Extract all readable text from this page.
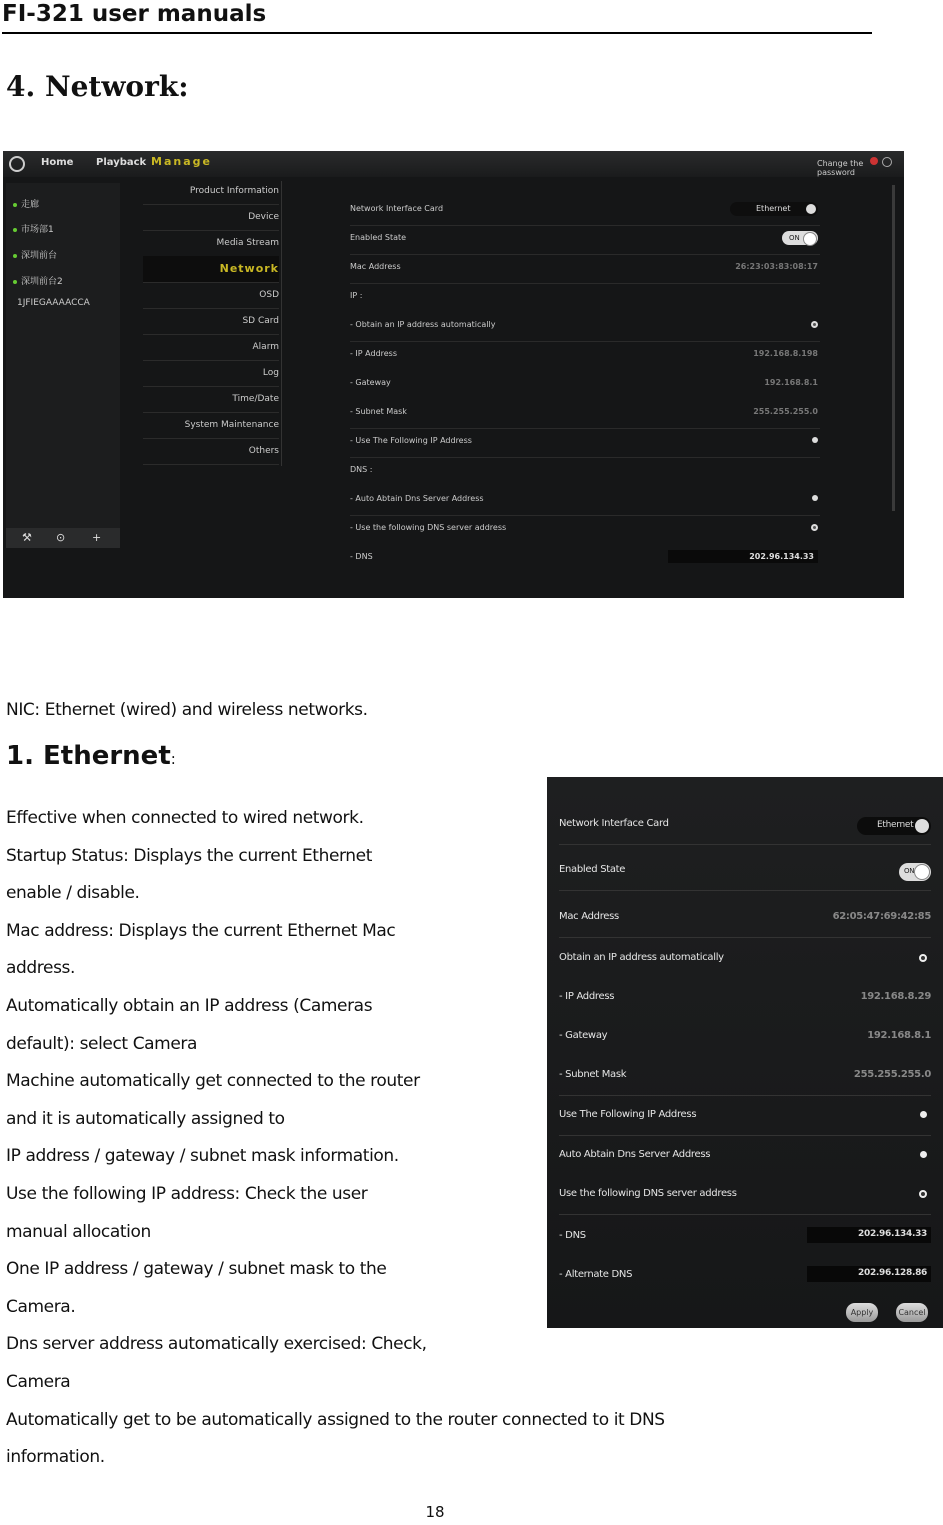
FI-321 user manuals
4. Network:
Home Playback Manage	Change the password
走廊
市场部1
深圳前台
深圳前台2
1JFIEGAAAACCA
⚒ ⊙ +
Product Information
Device
Media Stream
Network
OSD
SD Card
Alarm
Log
Time/Date
System Maintenance
Others
Network Interface Card	Ethernet
Enabled State	ON
Mac Address	26:23:03:83:08:17
IP :
- Obtain an IP address automatically
- IP Address	192.168.8.198
- Gateway	192.168.8.1
- Subnet Mask	255.255.255.0
- Use The Following IP Address
DNS :
- Auto Abtain Dns Server Address
- Use the following DNS server address
- DNS	202.96.134.33
NIC: Ethernet (wired) and wireless networks.
1. Ethernet:
Effective when connected to wired network.
Startup Status: Displays the current Ethernet
enable / disable.
Mac address: Displays the current Ethernet Mac
address.
Automatically obtain an IP address (Cameras
default): select Camera
Machine automatically get connected to the router
and it is automatically assigned to
IP address / gateway / subnet mask information.
Use the following IP address: Check the user
manual allocation
One IP address / gateway / subnet mask to the
Camera.
Dns server address automatically exercised: Check,
Camera
Automatically get to be automatically assigned to the router connected to it DNS
information.
Network Interface Card	Ethernet
Enabled State	ON
Mac Address	62:05:47:69:42:85
Obtain an IP address automatically
- IP Address	192.168.8.29
- Gateway	192.168.8.1
- Subnet Mask	255.255.255.0
Use The Following IP Address
Auto Abtain Dns Server Address
Use the following DNS server address
- DNS	202.96.134.33
- Alternate DNS	202.96.128.86
Apply	Cancel
18
